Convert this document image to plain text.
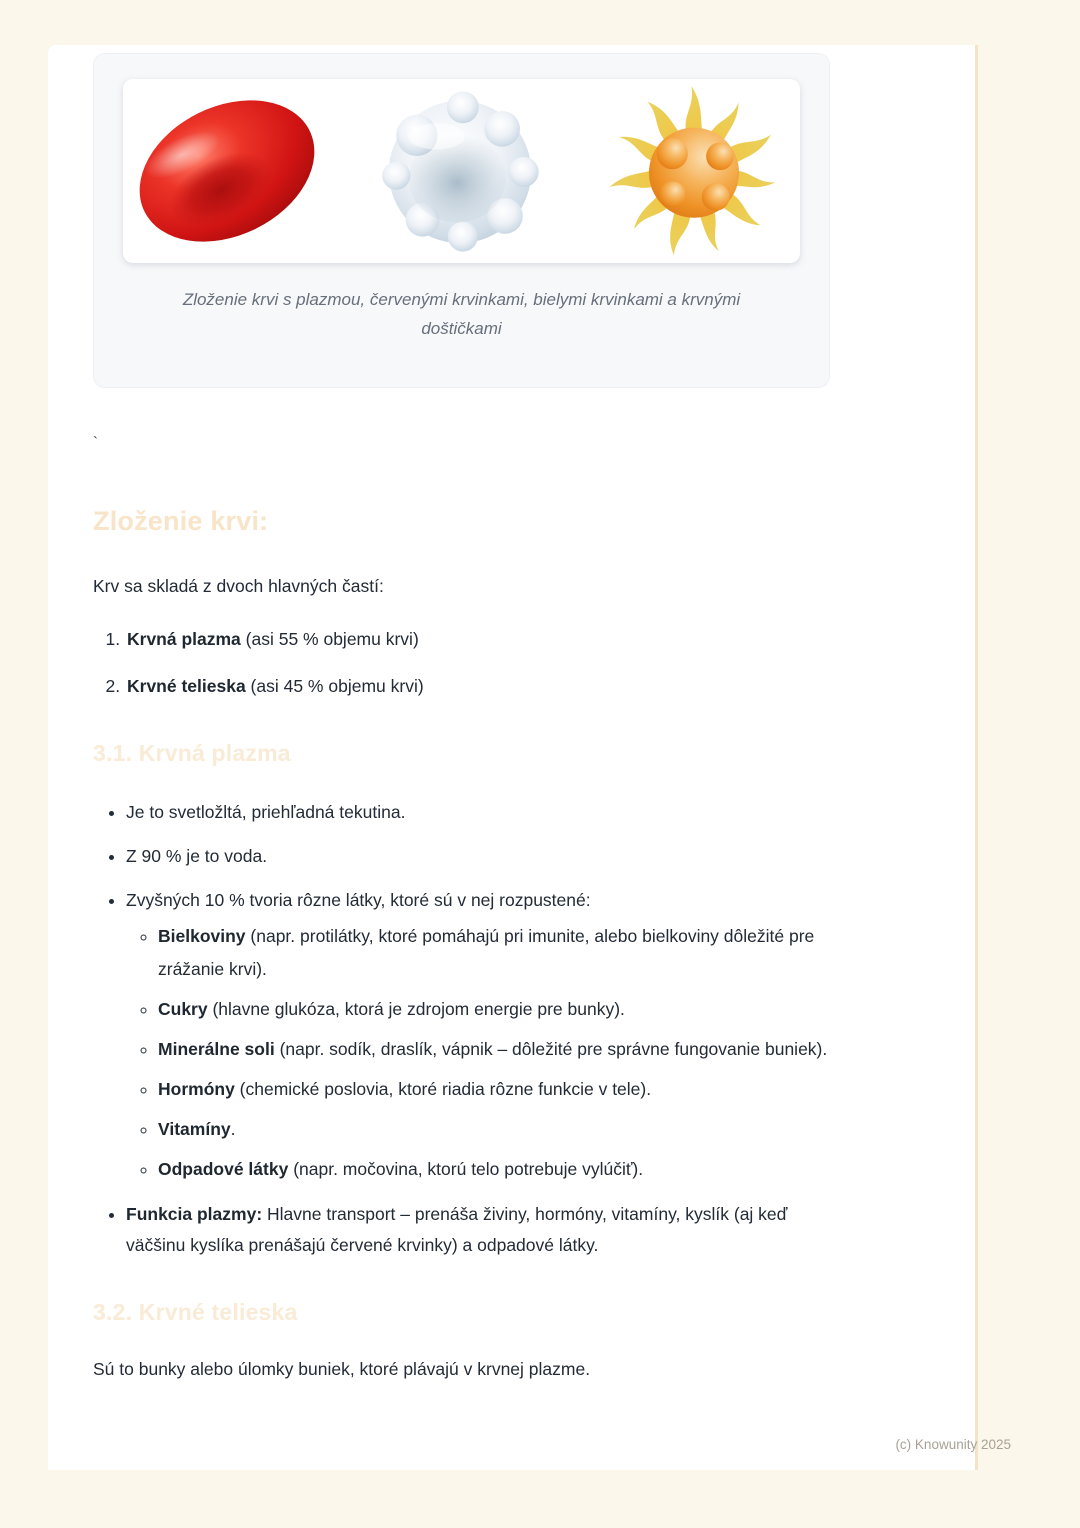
Zloženie krvi s plazmou, červenými krvinkami, bielymi krvinkami a krvnými doštičkami

`
Zloženie krvi:

Krv sa skladá z dvoch hlavných častí:

1. Krvná plazma (asi 55 % objemu krvi)
2. Krvné telieska (asi 45 % objemu krvi)
3.1. Krvná plazma
• Je to svetložltá, priehľadná tekutina.
• Z 90 % je to voda.
• Zvyšných 10 % tvoria rôzne látky, ktoré sú v nej rozpustené:
◦ Bielkoviny (napr. protilátky, ktoré pomáhajú pri imunite, alebo bielkoviny dôležité pre zrážanie krvi).
◦ Cukry (hlavne glukóza, ktorá je zdrojom energie pre bunky).
◦ Minerálne soli (napr. sodík, draslík, vápnik – dôležité pre správne fungovanie buniek).
◦ Hormóny (chemické poslovia, ktoré riadia rôzne funkcie v tele).
◦ Vitamíny.
◦ Odpadové látky (napr. močovina, ktorú telo potrebuje vylúčiť).
• Funkcia plazmy: Hlavne transport – prenáša živiny, hormóny, vitamíny, kyslík (aj keď väčšinu kyslíka prenášajú červené krvinky) a odpadové látky.
3.2. Krvné telieska

Sú to bunky alebo úlomky buniek, ktoré plávajú v krvnej plazme.

(c) Knowunity 2025
